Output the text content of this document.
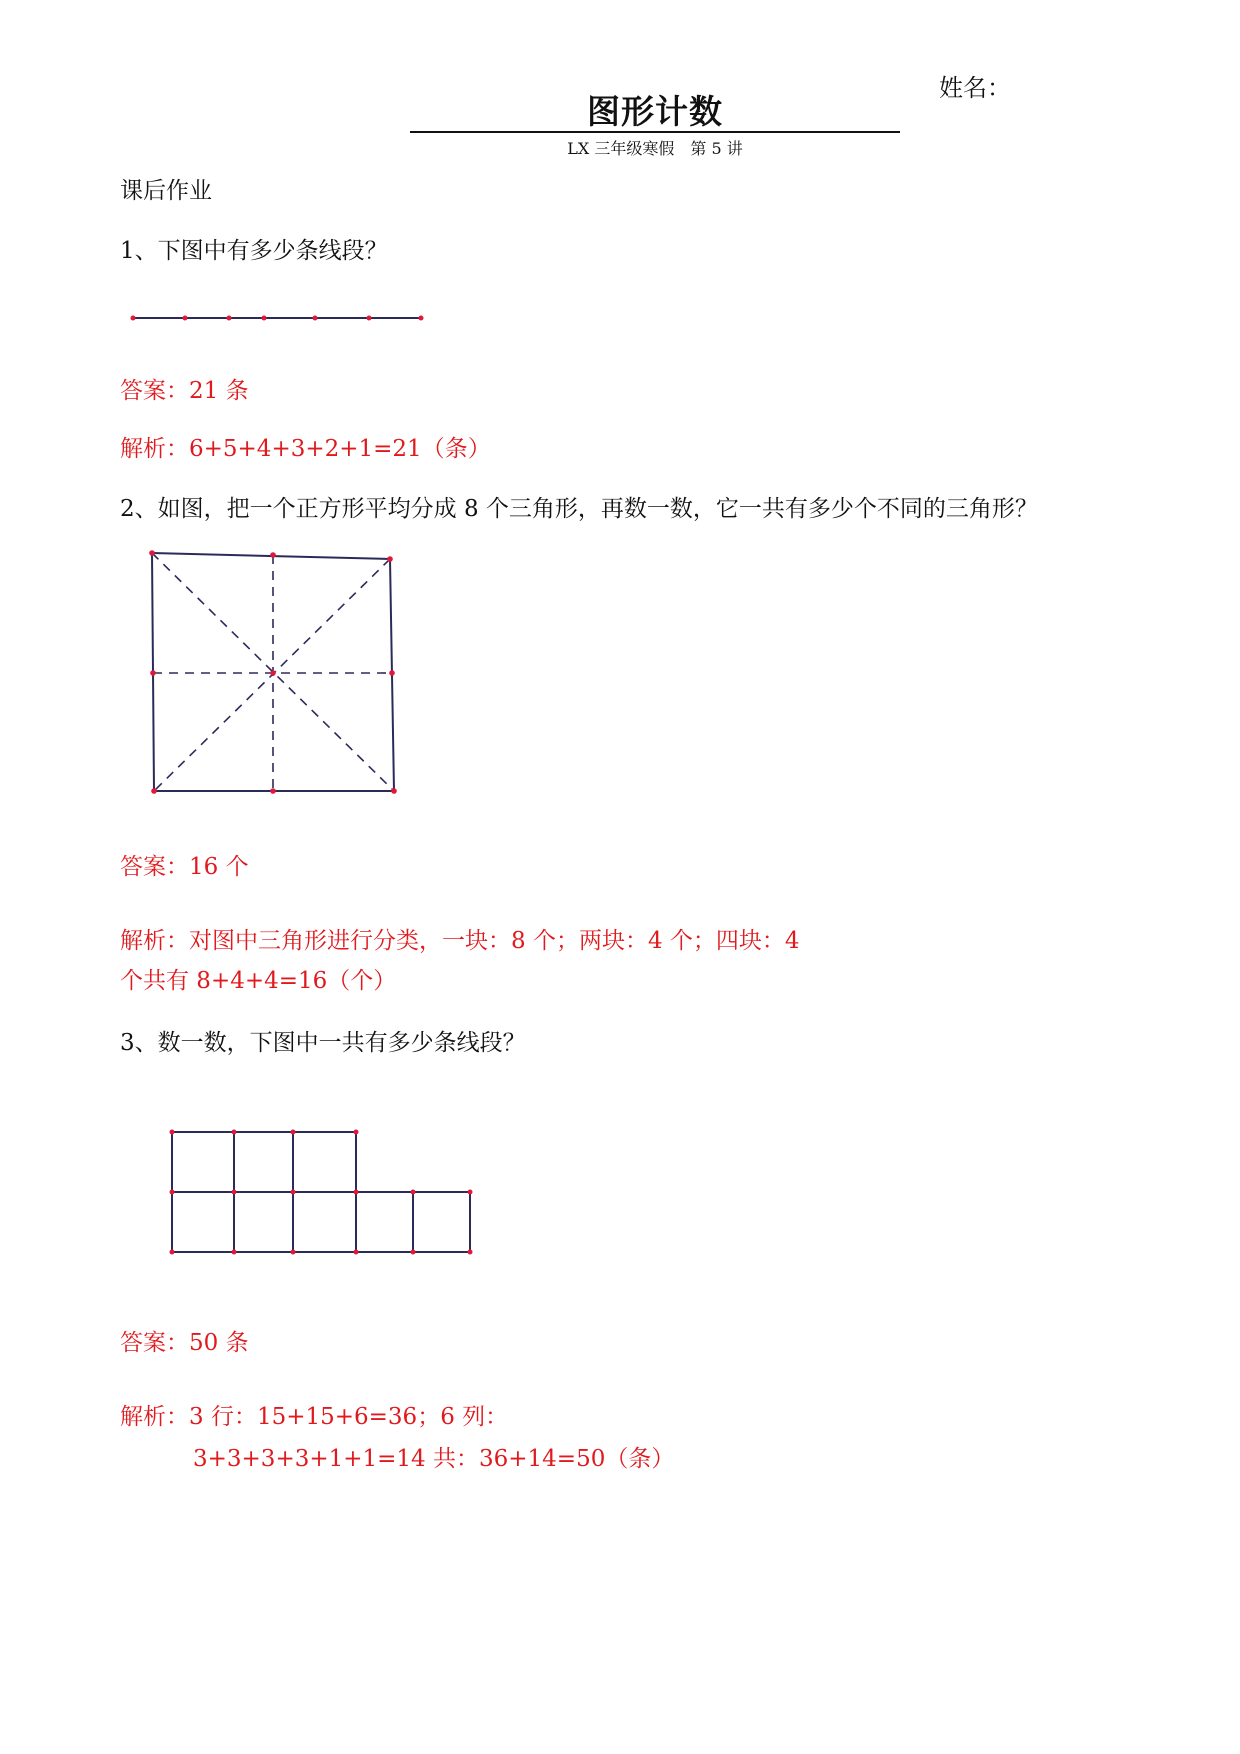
姓名：
图形计数
LX 三年级寒假　第 5 讲
课后作业
1、下图中有多少条线段？
答案：21 条
解析：6+5+4+3+2+1=21（条）
2、如图，把一个正方形平均分成 8 个三角形，再数一数，它一共有多少个不同的三角形？
答案：16 个
解析：对图中三角形进行分类，一块：8 个；两块：4 个；四块：4
个共有 8+4+4=16（个）
3、数一数，下图中一共有多少条线段？
答案：50 条
解析：3 行：15+15+6=36；6 列：
3+3+3+3+1+1=14 共：36+14=50（条）
